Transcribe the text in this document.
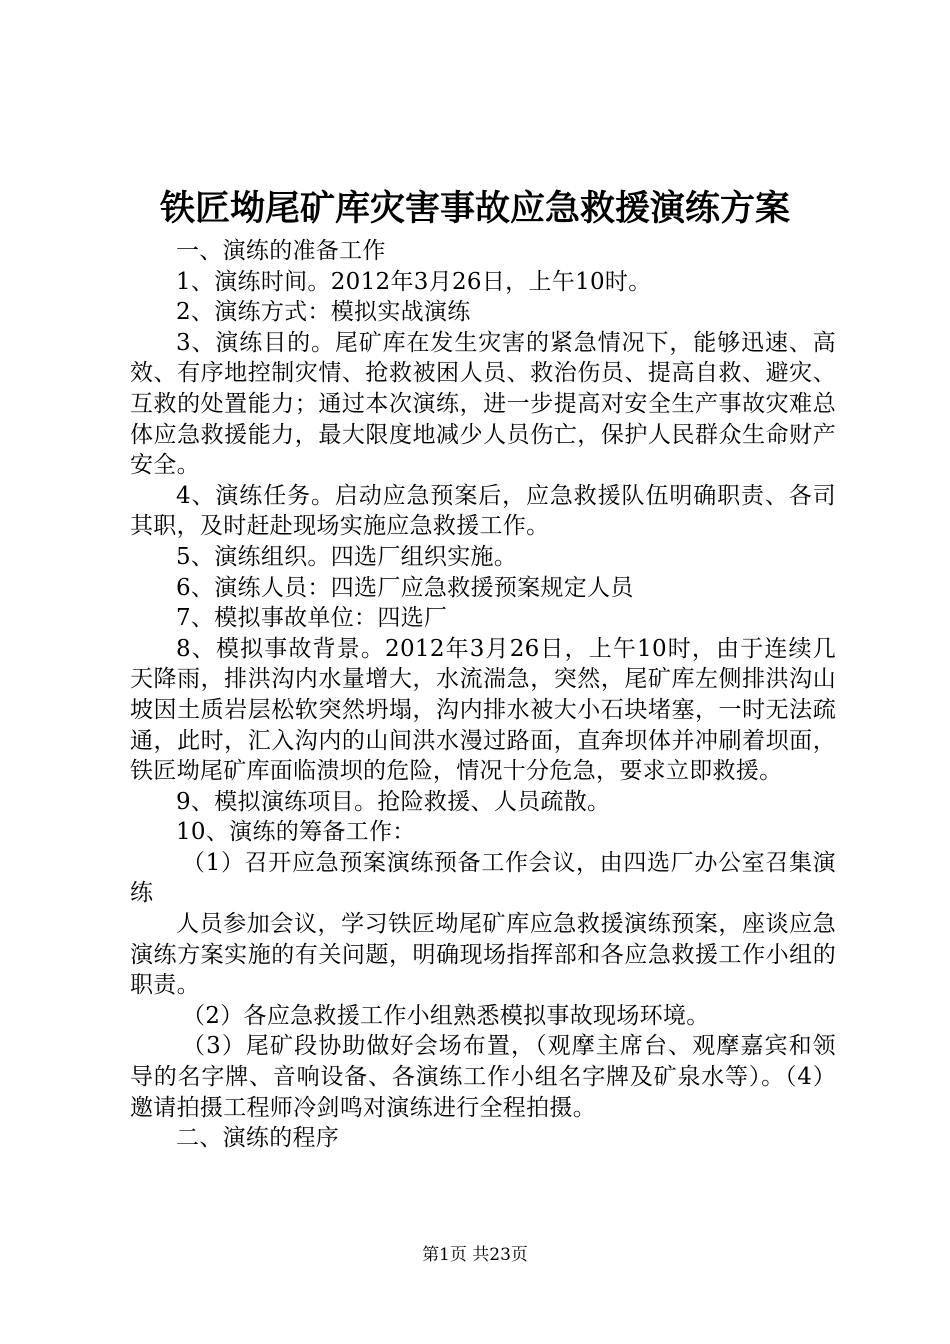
铁匠坳尾矿库灾害事故应急救援演练方案

一、演练的准备工作

1、演练时间。2012年3月26日，上午10时。

2、演练方式：模拟实战演练

3、演练目的。尾矿库在发生灾害的紧急情况下，能够迅速、高效、有序地控制灾情、抢救被困人员、救治伤员、提高自救、避灾、互救的处置能力；通过本次演练，进一步提高对安全生产事故灾难总体应急救援能力，最大限度地减少人员伤亡，保护人民群众生命财产安全。

4、演练任务。启动应急预案后，应急救援队伍明确职责、各司其职，及时赶赴现场实施应急救援工作。

5、演练组织。四选厂组织实施。

6、演练人员：四选厂应急救援预案规定人员

7、模拟事故单位：四选厂

8、模拟事故背景。2012年3月26日，上午10时，由于连续几天降雨，排洪沟内水量增大，水流湍急，突然，尾矿库左侧排洪沟山坡因土质岩层松软突然坍塌，沟内排水被大小石块堵塞，一时无法疏通，此时，汇入沟内的山间洪水漫过路面，直奔坝体并冲刷着坝面，铁匠坳尾矿库面临溃坝的危险，情况十分危急，要求立即救援。

9、模拟演练项目。抢险救援、人员疏散。

10、演练的筹备工作：

（1）召开应急预案演练预备工作会议，由四选厂办公室召集演练

人员参加会议，学习铁匠坳尾矿库应急救援演练预案，座谈应急演练方案实施的有关问题，明确现场指挥部和各应急救援工作小组的职责。

（2）各应急救援工作小组熟悉模拟事故现场环境。

（3）尾矿段协助做好会场布置，（观摩主席台、观摩嘉宾和领导的名字牌、音响设备、各演练工作小组名字牌及矿泉水等）。（4）邀请拍摄工程师冷剑鸣对演练进行全程拍摄。

二、演练的程序

第1页 共23页
